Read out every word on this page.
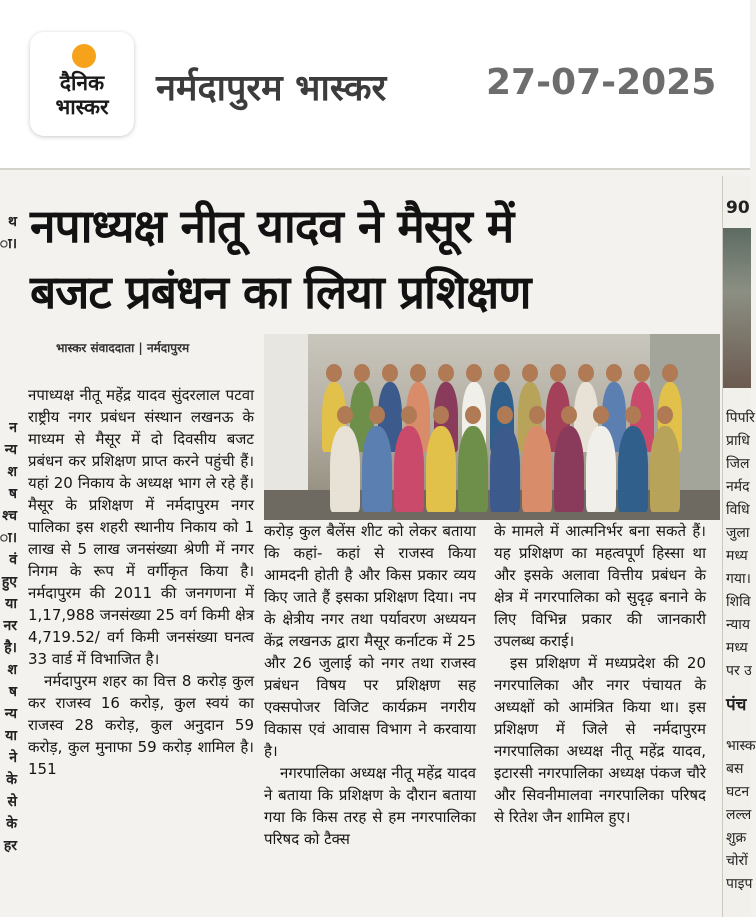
दैनिक
भास्कर	नर्मदापुरम भास्कर	27-07-2025
थ
ा।
न
न्य
श
ष
श्च
ा।
वं
हुए
या
नर
है।
श
ष
न्य
या
ने
के
से
के
हर
90
पिपरि
प्राधि
जिल
नर्मद
विधि
जुला
मध्य
गया।
शिवि
न्याय
मध्य
पर उ
पंच
भास्क
बस
घटन
लल्ल
शुक्र
चोरों
पाइप
नपाध्यक्ष नीतू यादव ने मैसूर में
बजट प्रबंधन का लिया प्रशिक्षण
भास्कर संवाददाता | नर्मदापुरम

नपाध्यक्ष नीतू महेंद्र यादव सुंदरलाल पटवा राष्ट्रीय नगर प्रबंधन संस्थान लखनऊ के माध्यम से मैसूर में दो दिवसीय बजट प्रबंधन कर प्रशिक्षण प्राप्त करने पहुंची हैं। यहां 20 निकाय के अध्यक्ष भाग ले रहे हैं। मैसूर के प्रशिक्षण में नर्मदापुरम नगर पालिका इस शहरी स्थानीय निकाय को 1 लाख से 5 लाख जनसंख्या श्रेणी में नगर निगम के रूप में वर्गीकृत किया है। नर्मदापुरम की 2011 की जनगणना में 1,17,988 जनसंख्या 25 वर्ग किमी क्षेत्र 4,719.52/ वर्ग किमी जनसंख्या घनत्व 33 वार्ड में विभाजित है।

नर्मदापुरम शहर का वित्त 8 करोड़ कुल कर राजस्व 16 करोड़, कुल स्वयं का राजस्व 28 करोड़, कुल अनुदान 59 करोड़, कुल मुनाफा 59 करोड़ शामिल है। 151

करोड़ कुल बैलेंस शीट को लेकर बताया कि कहां- कहां से राजस्व किया आमदनी होती है और किस प्रकार व्यय किए जाते हैं इसका प्रशिक्षण दिया। नप के क्षेत्रीय नगर तथा पर्यावरण अध्ययन केंद्र लखनऊ द्वारा मैसूर कर्नाटक में 25 और 26 जुलाई को नगर तथा राजस्व प्रबंधन विषय पर प्रशिक्षण सह एक्सपोजर विजिट कार्यक्रम नगरीय विकास एवं आवास विभाग ने करवाया है।

नगरपालिका अध्यक्ष नीतू महेंद्र यादव ने बताया कि प्रशिक्षण के दौरान बताया गया कि किस तरह से हम नगरपालिका परिषद को टैक्स

के मामले में आत्मनिर्भर बना सकते हैं। यह प्रशिक्षण का महत्वपूर्ण हिस्सा था और इसके अलावा वित्तीय प्रबंधन के क्षेत्र में नगरपालिका को सुदृढ़ बनाने के लिए विभिन्न प्रकार की जानकारी उपलब्ध कराई।

इस प्रशिक्षण में मध्यप्रदेश की 20 नगरपालिका और नगर पंचायत के अध्यक्षों को आमंत्रित किया था। इस प्रशिक्षण में जिले से नर्मदापुरम नगरपालिका अध्यक्ष नीतू महेंद्र यादव, इटारसी नगरपालिका अध्यक्ष पंकज चौरे और सिवनीमालवा नगरपालिका परिषद से रितेश जैन शामिल हुए।
